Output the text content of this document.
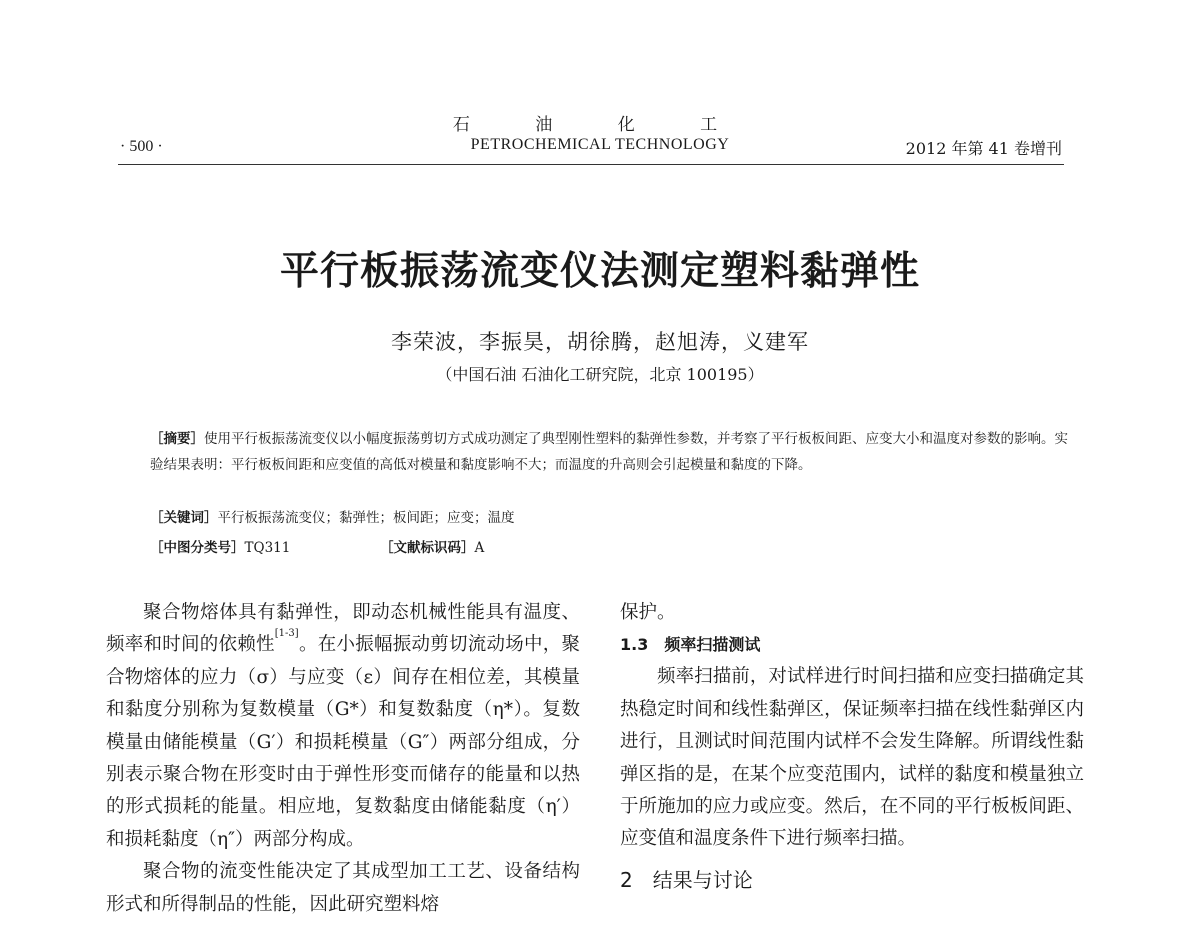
石 油 化 工
PETROCHEMICAL TECHNOLOGY
· 500 ·	2012 年第 41 卷增刊
平行板振荡流变仪法测定塑料黏弹性
李荣波，李振昊，胡徐腾，赵旭涛，义建军
（中国石油 石油化工研究院，北京 100195）

［摘要］使用平行板振荡流变仪以小幅度振荡剪切方式成功测定了典型刚性塑料的黏弹性参数，并考察了平行板板间距、应变大小和温度对参数的影响。实验结果表明：平行板板间距和应变值的高低对模量和黏度影响不大；而温度的升高则会引起模量和黏度的下降。

［关键词］平行板振荡流变仪；黏弹性；板间距；应变；温度
［中图分类号］TQ311	［文献标识码］A

聚合物熔体具有黏弹性，即动态机械性能具有温度、频率和时间的依赖性[1-3]。在小振幅振动剪切流动场中，聚合物熔体的应力（σ）与应变（ε）间存在相位差，其模量和黏度分别称为复数模量（G*）和复数黏度（η*）。复数模量由储能模量（G′）和损耗模量（G″）两部分组成，分别表示聚合物在形变时由于弹性形变而储存的能量和以热的形式损耗的能量。相应地，复数黏度由储能黏度（η′）和损耗黏度（η″）两部分构成。

聚合物的流变性能决定了其成型加工工艺、设备结构形式和所得制品的性能，因此研究塑料熔

保护。

1.3　频率扫描测试

频率扫描前，对试样进行时间扫描和应变扫描确定其热稳定时间和线性黏弹区，保证频率扫描在线性黏弹区内进行，且测试时间范围内试样不会发生降解。所谓线性黏弹区指的是，在某个应变范围内，试样的黏度和模量独立于所施加的应力或应变。然后，在不同的平行板板间距、应变值和温度条件下进行频率扫描。

2　结果与讨论
